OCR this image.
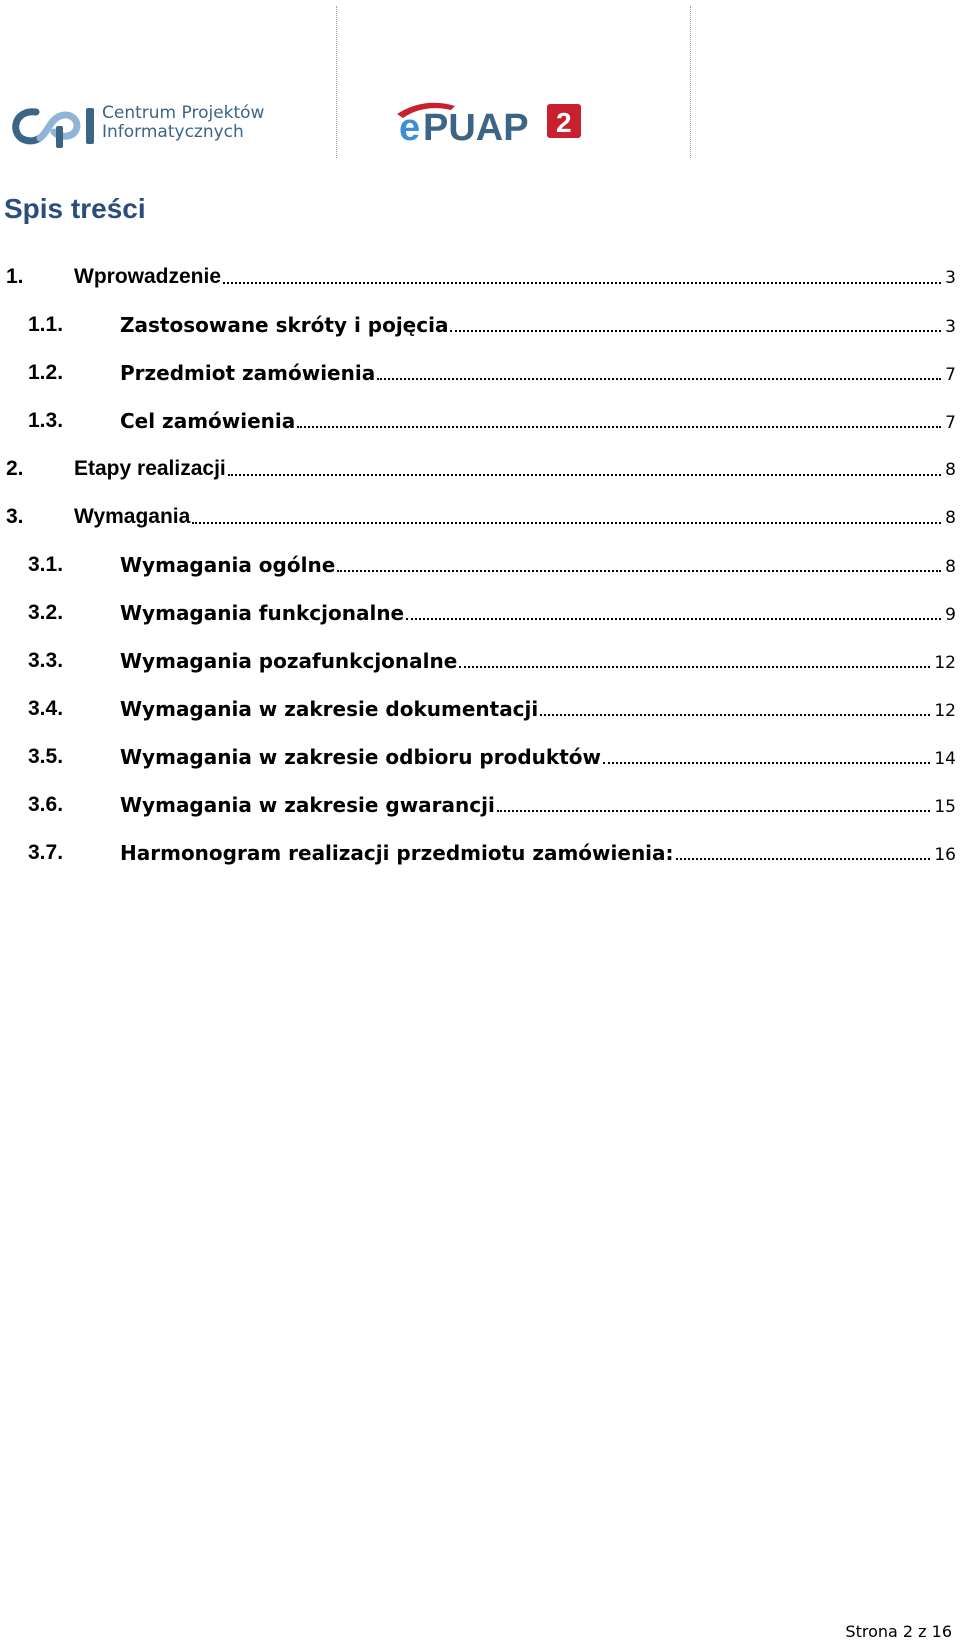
Centrum Projektów
Informatycznych	e PUAP 2
Spis treści
1. Wprowadzenie	3
1.1.	Zastosowane skróty i pojęcia	3
1.2.	Przedmiot zamówienia	7
1.3.	Cel zamówienia	7
2. Etapy realizacji	8
3. Wymagania	8
3.1.	Wymagania ogólne	8
3.2.	Wymagania funkcjonalne	9
3.3.	Wymagania pozafunkcjonalne	12
3.4.	Wymagania w zakresie dokumentacji	12
3.5.	Wymagania w zakresie odbioru produktów	14
3.6.	Wymagania w zakresie gwarancji	15
3.7.	Harmonogram realizacji przedmiotu zamówienia:	16
Strona 2 z 16
